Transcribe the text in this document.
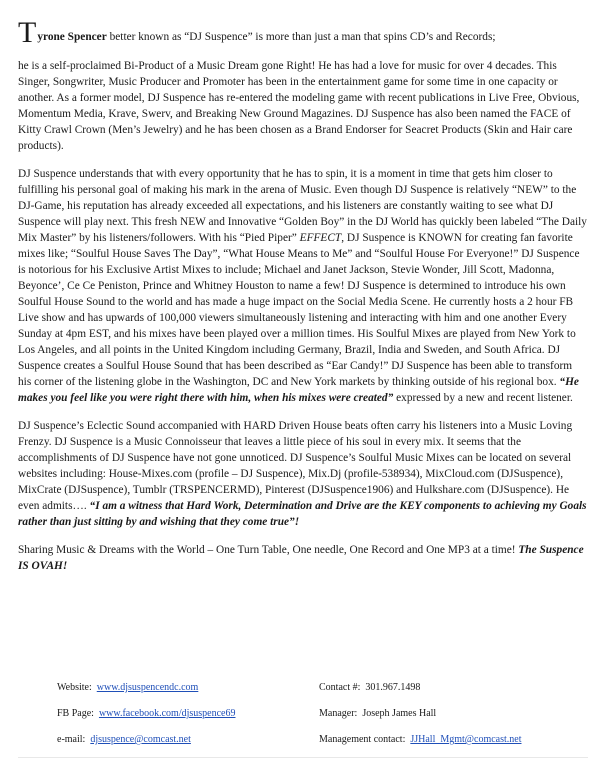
T yrone Spencer better known as “DJ Suspence” is more than just a man that spins CD’s and Records;

he is a self-proclaimed Bi-Product of a Music Dream gone Right! He has had a love for music for over 4 decades. This Singer, Songwriter, Music Producer and Promoter has been in the entertainment game for some time in one capacity or another. As a former model, DJ Suspence has re-entered the modeling game with recent publications in Live Free, Obvious, Momentum Media, Krave, Swerv, and Breaking New Ground Magazines. DJ Suspence has also been named the FACE of Kitty Crawl Crown (Men’s Jewelry) and he has been chosen as a Brand Endorser for Seacret Products (Skin and Hair care products).

DJ Suspence understands that with every opportunity that he has to spin, it is a moment in time that gets him closer to fulfilling his personal goal of making his mark in the arena of Music. Even though DJ Suspence is relatively “NEW” to the DJ-Game, his reputation has already exceeded all expectations, and his listeners are constantly waiting to see what DJ Suspence will play next. This fresh NEW and Innovative “Golden Boy” in the DJ World has quickly been labeled “The Daily Mix Master” by his listeners/followers. With his “Pied Piper” EFFECT, DJ Suspence is KNOWN for creating fan favorite mixes like; “Soulful House Saves The Day”, “What House Means to Me” and “Soulful House For Everyone!” DJ Suspence is notorious for his Exclusive Artist Mixes to include; Michael and Janet Jackson, Stevie Wonder, Jill Scott, Madonna, Beyonce’, Ce Ce Peniston, Prince and Whitney Houston to name a few! DJ Suspence is determined to introduce his own Soulful House Sound to the world and has made a huge impact on the Social Media Scene. He currently hosts a 2 hour FB Live show and has upwards of 100,000 viewers simultaneously listening and interacting with him and one another Every Sunday at 4pm EST, and his mixes have been played over a million times. His Soulful Mixes are played from New York to Los Angeles, and all points in the United Kingdom including Germany, Brazil, India and Sweden, and South Africa. DJ Suspence creates a Soulful House Sound that has been described as “Ear Candy!” DJ Suspence has been able to transform his corner of the listening globe in the Washington, DC and New York markets by thinking outside of his regional box. “He makes you feel like you were right there with him, when his mixes were created” expressed by a new and recent listener.

DJ Suspence’s Eclectic Sound accompanied with HARD Driven House beats often carry his listeners into a Music Loving Frenzy. DJ Suspence is a Music Connoisseur that leaves a little piece of his soul in every mix. It seems that the accomplishments of DJ Suspence have not gone unnoticed. DJ Suspence’s Soulful Music Mixes can be located on several websites including: House-Mixes.com (profile – DJ Suspence), Mix.Dj (profile-538934), MixCloud.com (DJSuspence), MixCrate (DJSuspence), Tumblr (TRSPENCERMD), Pinterest (DJSuspence1906) and Hulkshare.com (DJSuspence). He even admits…. “I am a witness that Hard Work, Determination and Drive are the KEY components to achieving my Goals rather than just sitting by and wishing that they come true”!

Sharing Music & Dreams with the World – One Turn Table, One needle, One Record and One MP3 at a time! The Suspence IS OVAH!

Website: www.djsuspencendc.com	Contact #: 301.967.1498
FB Page: www.facebook.com/djsuspence69	Manager: Joseph James Hall
e-mail: djsuspence@comcast.net	Management contact: JJHall_Mgmt@comcast.net
